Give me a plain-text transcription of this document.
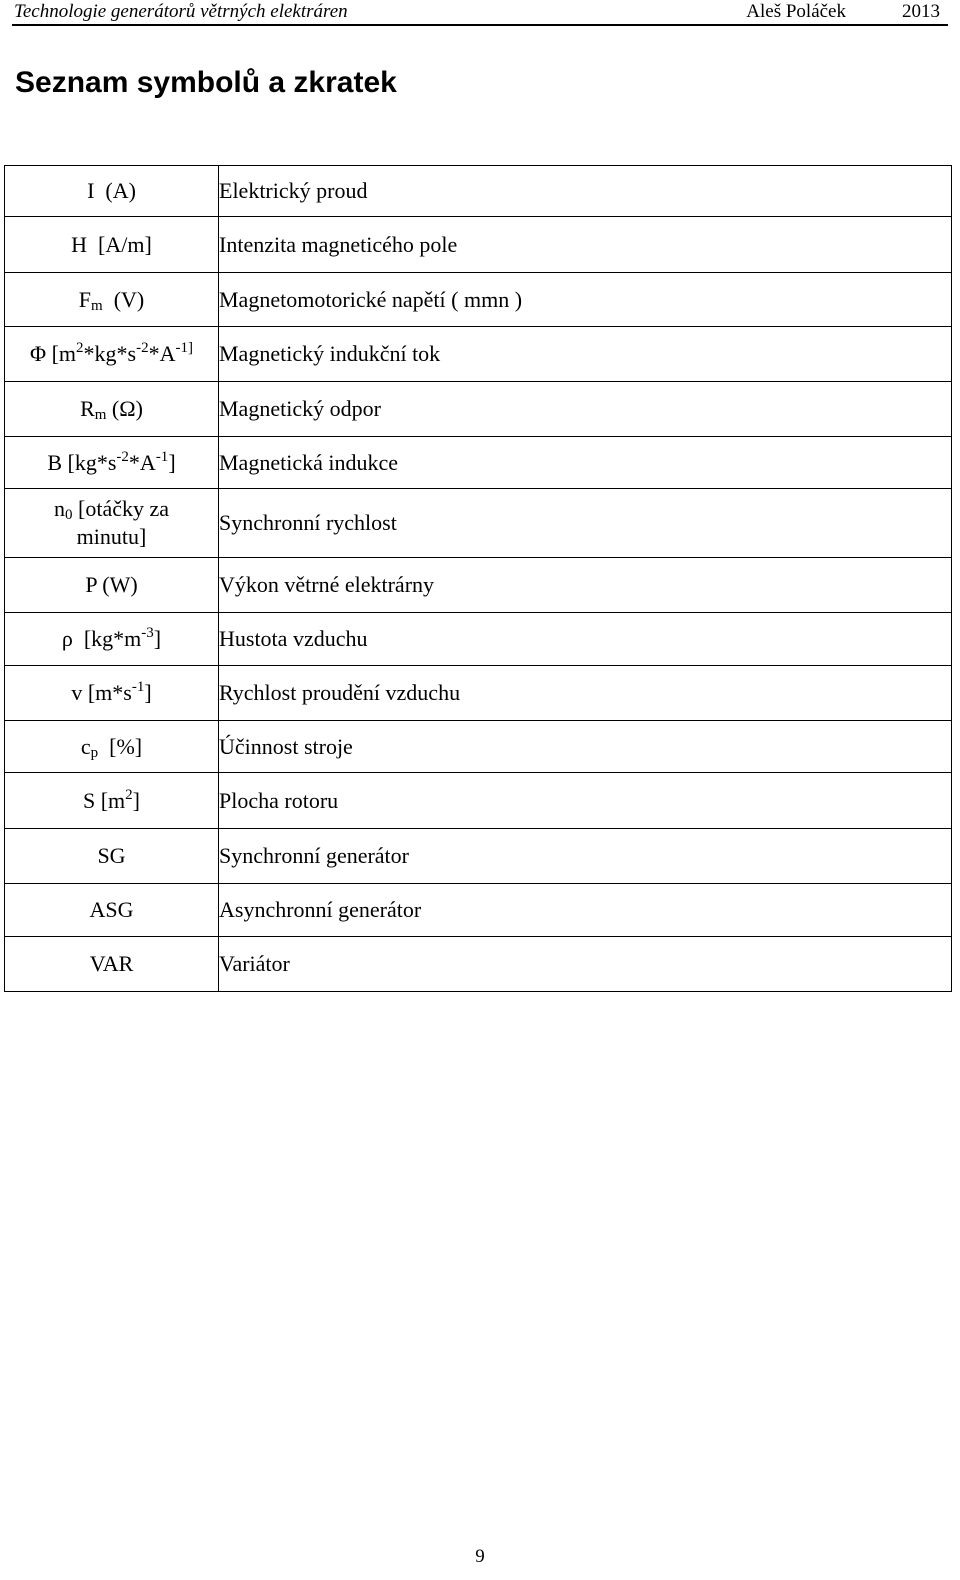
Technologie generátorů větrných elektráren	Aleš Poláček	2013
Seznam symbolů a zkratek
I  (A)	Elektrický proud
H  [A/m]	Intenzita magneticého pole
$F_m$  (V)	Magnetomotorické napětí ( mmn )
Φ [$m^2*kg*s^{-2}*A^{-1]}$	Magnetický indukční tok
$R_m$ (Ω)	Magnetický odpor
B $[kg*s^{-2}*A^{-1}]$	Magnetická indukce
$n_0$ [otáčky za
minutu]	Synchronní rychlost
P (W)	Výkon větrné elektrárny
ρ  $[kg*m^{-3}]$	Hustota vzduchu
v $[m*s^{-1}]$	Rychlost proudění vzduchu
$c_p$  [%]	Účinnost stroje
S $[m^2]$	Plocha rotoru
SG	Synchronní generátor
ASG	Asynchronní generátor
VAR	Variátor
9
